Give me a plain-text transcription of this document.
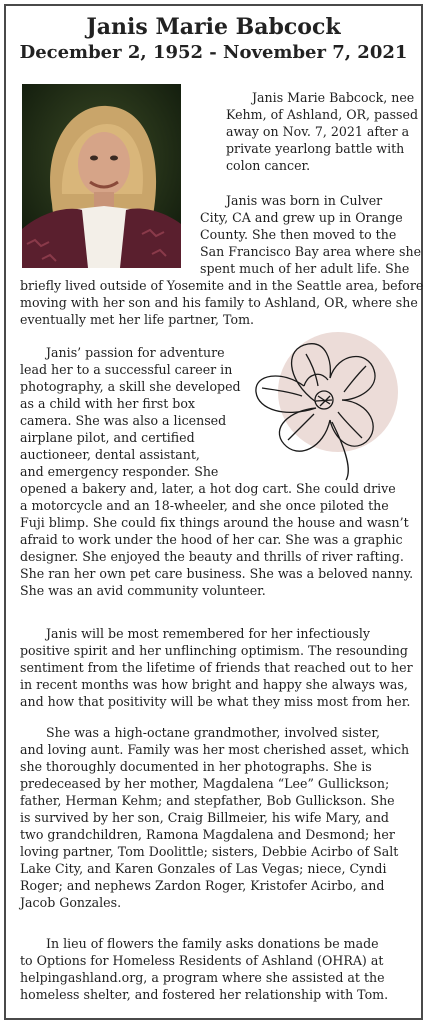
Janis Marie Babcock
December 2, 1952 - November 7, 2021

Janis Marie Babcock, nee
Kehm, of Ashland, OR, passed
away on Nov. 7, 2021 after a
private yearlong battle with
colon cancer.

Janis was born in Culver
City, CA and grew up in Orange
County. She then moved to the
San Francisco Bay area where she
spent much of her adult life. She

briefly lived outside of Yosemite and in the Seattle area, before
moving with her son and his family to Ashland, OR, where she
eventually met her life partner, Tom.

Janis’ passion for adventure
lead her to a successful career in
photography, a skill she developed
as a child with her first box
camera. She was also a licensed
airplane pilot, and certified
auctioneer, dental assistant,
and emergency responder. She

opened a bakery and, later, a hot dog cart. She could drive
a motorcycle and an 18-wheeler, and she once piloted the
Fuji blimp. She could fix things around the house and wasn’t
afraid to work under the hood of her car. She was a graphic
designer. She enjoyed the beauty and thrills of river rafting.
She ran her own pet care business. She was a beloved nanny.
She was an avid community volunteer.

Janis will be most remembered for her infectiously
positive spirit and her unflinching optimism. The resounding
sentiment from the lifetime of friends that reached out to her
in recent months was how bright and happy she always was,
and how that positivity will be what they miss most from her.

She was a high-octane grandmother, involved sister,
and loving aunt. Family was her most cherished asset, which
she thoroughly documented in her photographs. She is
predeceased by her mother, Magdalena “Lee” Gullickson;
father, Herman Kehm; and stepfather, Bob Gullickson. She
is survived by her son, Craig Billmeier, his wife Mary, and
two grandchildren, Ramona Magdalena and Desmond; her
loving partner, Tom Doolittle; sisters, Debbie Acirbo of Salt
Lake City, and Karen Gonzales of Las Vegas; niece, Cyndi
Roger; and nephews Zardon Roger, Kristofer Acirbo, and
Jacob Gonzales.

In lieu of flowers the family asks donations be made
to Options for Homeless Residents of Ashland (OHRA) at
helpingashland.org, a program where she assisted at the
homeless shelter, and fostered her relationship with Tom.
